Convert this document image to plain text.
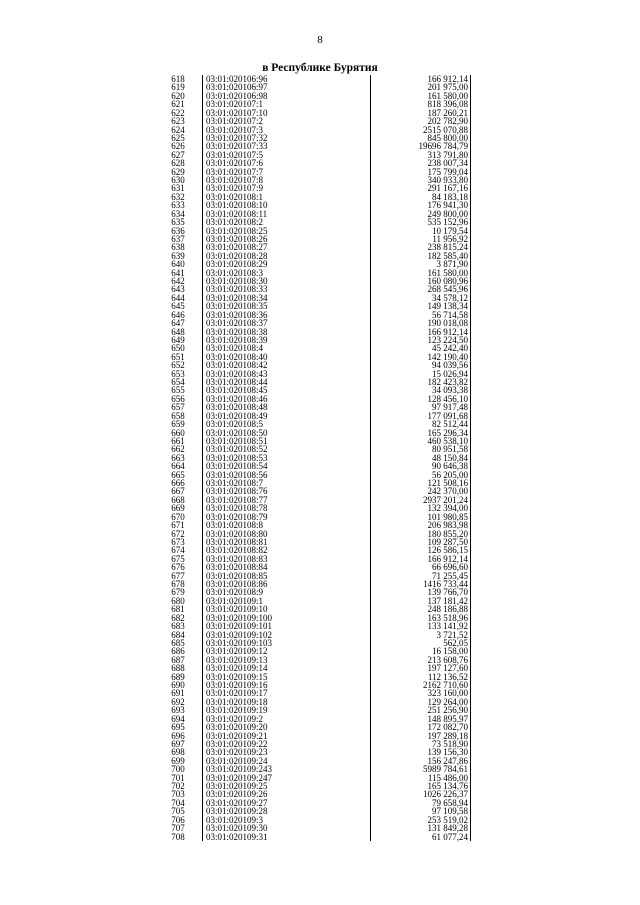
8
в Республике Бурятия
618	03:01:020106:96	166 912,14
619	03:01:020106:97	201 975,00
620	03:01:020106:98	161 580,00
621	03:01:020107:1	818 396,08
622	03:01:020107:10	187 260,21
623	03:01:020107:2	202 782,90
624	03:01:020107:3	2515 070,88
625	03:01:020107:32	845 800,00
626	03:01:020107:33	19696 784,79
627	03:01:020107:5	313 791,80
628	03:01:020107:6	238 007,34
629	03:01:020107:7	175 799,04
630	03:01:020107:8	340 933,80
631	03:01:020107:9	291 167,16
632	03:01:020108:1	84 183,18
633	03:01:020108:10	176 941,30
634	03:01:020108:11	249 800,00
635	03:01:020108:2	535 152,96
636	03:01:020108:25	10 179,54
637	03:01:020108:26	11 956,92
638	03:01:020108:27	238 815,24
639	03:01:020108:28	182 585,40
640	03:01:020108:29	3 871,90
641	03:01:020108:3	161 580,00
642	03:01:020108:30	160 080,96
643	03:01:020108:33	268 545,96
644	03:01:020108:34	34 578,12
645	03:01:020108:35	149 138,34
646	03:01:020108:36	56 714,58
647	03:01:020108:37	190 018,08
648	03:01:020108:38	166 912,14
649	03:01:020108:39	123 224,50
650	03:01:020108:4	45 242,40
651	03:01:020108:40	142 190,40
652	03:01:020108:42	94 039,56
653	03:01:020108:43	15 026,94
654	03:01:020108:44	182 423,82
655	03:01:020108:45	34 093,38
656	03:01:020108:46	128 456,10
657	03:01:020108:48	97 917,48
658	03:01:020108:49	177 091,68
659	03:01:020108:5	82 512,44
660	03:01:020108:50	165 296,34
661	03:01:020108:51	460 538,10
662	03:01:020108:52	80 951,58
663	03:01:020108:53	48 150,84
664	03:01:020108:54	90 646,38
665	03:01:020108:56	56 205,00
666	03:01:020108:7	121 508,16
667	03:01:020108:76	242 370,00
668	03:01:020108:77	2937 201,24
669	03:01:020108:78	132 394,00
670	03:01:020108:79	101 980,85
671	03:01:020108:8	206 983,98
672	03:01:020108:80	180 855,20
673	03:01:020108:81	109 287,50
674	03:01:020108:82	126 586,15
675	03:01:020108:83	166 912,14
676	03:01:020108:84	66 696,60
677	03:01:020108:85	71 255,45
678	03:01:020108:86	1416 733,44
679	03:01:020108:9	139 766,70
680	03:01:020109:1	137 181,42
681	03:01:020109:10	248 186,88
682	03:01:020109:100	163 518,96
683	03:01:020109:101	133 141,92
684	03:01:020109:102	3 721,52
685	03:01:020109:103	562,05
686	03:01:020109:12	16 158,00
687	03:01:020109:13	213 608,76
688	03:01:020109:14	197 127,60
689	03:01:020109:15	112 136,52
690	03:01:020109:16	2162 710,60
691	03:01:020109:17	323 160,00
692	03:01:020109:18	129 264,00
693	03:01:020109:19	251 256,90
694	03:01:020109:2	148 895,97
695	03:01:020109:20	172 082,70
696	03:01:020109:21	197 289,18
697	03:01:020109:22	73 518,90
698	03:01:020109:23	139 156,30
699	03:01:020109:24	156 247,86
700	03:01:020109:243	5989 784,61
701	03:01:020109:247	115 486,00
702	03:01:020109:25	165 134,76
703	03:01:020109:26	1026 226,37
704	03:01:020109:27	79 658,94
705	03:01:020109:28	97 109,58
706	03:01:020109:3	253 519,02
707	03:01:020109:30	131 849,28
708	03:01:020109:31	61 077,24
